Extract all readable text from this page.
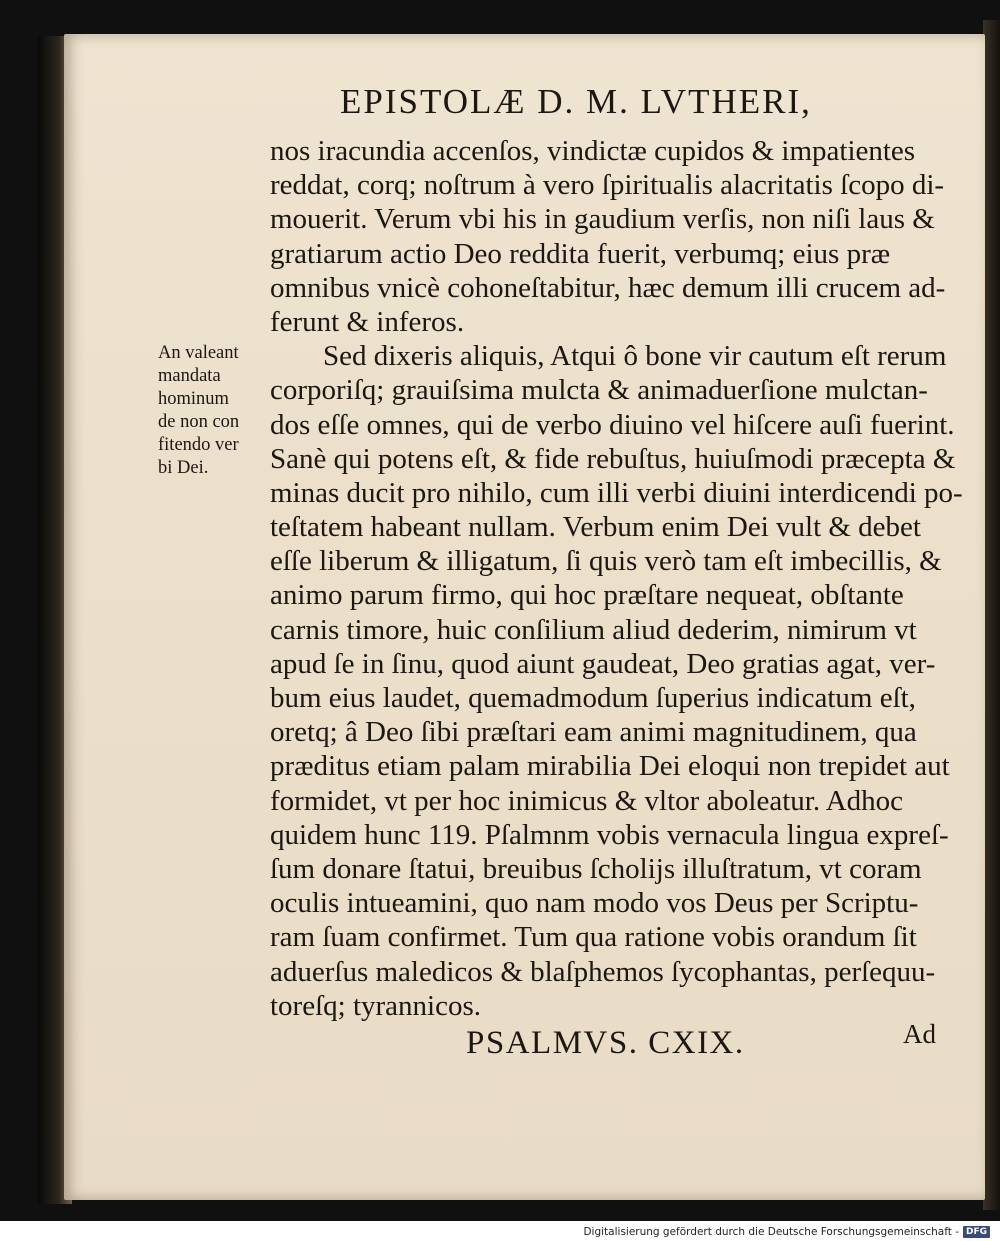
EPISTOLÆ D. M. LVTHERI,
nos iracundia accenſos, vindictæ cupidos & impatientes
reddat, corq; noſtrum à vero ſpiritualis alacritatis ſcopo di-
mouerit. Verum vbi his in gaudium verſis, non niſi laus &
gratiarum actio Deo reddita fuerit, verbumq; eius præ
omnibus vnicè cohoneſtabitur, hæc demum illi crucem ad-
ferunt & inferos.
Sed dixeris aliquis, Atqui ô bone vir cautum eſt rerum
corporiſq; grauiſsima mulcta & animaduerſione mulctan-
dos eſſe omnes, qui de verbo diuino vel hiſcere auſi fuerint.
Sanè qui potens eſt, & fide rebuſtus, huiuſmodi præcepta &
minas ducit pro nihilo, cum illi verbi diuini interdicendi po-
teſtatem habeant nullam. Verbum enim Dei vult & debet
eſſe liberum & illigatum, ſi quis verò tam eſt imbecillis, &
animo parum firmo, qui hoc præſtare nequeat, obſtante
carnis timore, huic conſilium aliud dederim, nimirum vt
apud ſe in ſinu, quod aiunt gaudeat, Deo gratias agat, ver-
bum eius laudet, quemadmodum ſuperius indicatum eſt,
oretq; â Deo ſibi præſtari eam animi magnitudinem, qua
præditus etiam palam mirabilia Dei eloqui non trepidet aut
formidet, vt per hoc inimicus & vltor aboleatur. Adhoc
quidem hunc 119. Pſalmnm vobis vernacula lingua expreſ-
ſum donare ſtatui, breuibus ſcholijs illuſtratum, vt coram
oculis intueamini, quo nam modo vos Deus per Scriptu-
ram ſuam confirmet. Tum qua ratione vobis orandum ſit
aduerſus maledicos & blaſphemos ſycophantas, perſequu-
toreſq; tyrannicos.
An valeant
mandata
hominum
de non con
fitendo ver
bi Dei.
PSALMVS. CXIX.	Ad
Digitalisierung gefördert durch die Deutsche Forschungsgemeinschaft - DFG
